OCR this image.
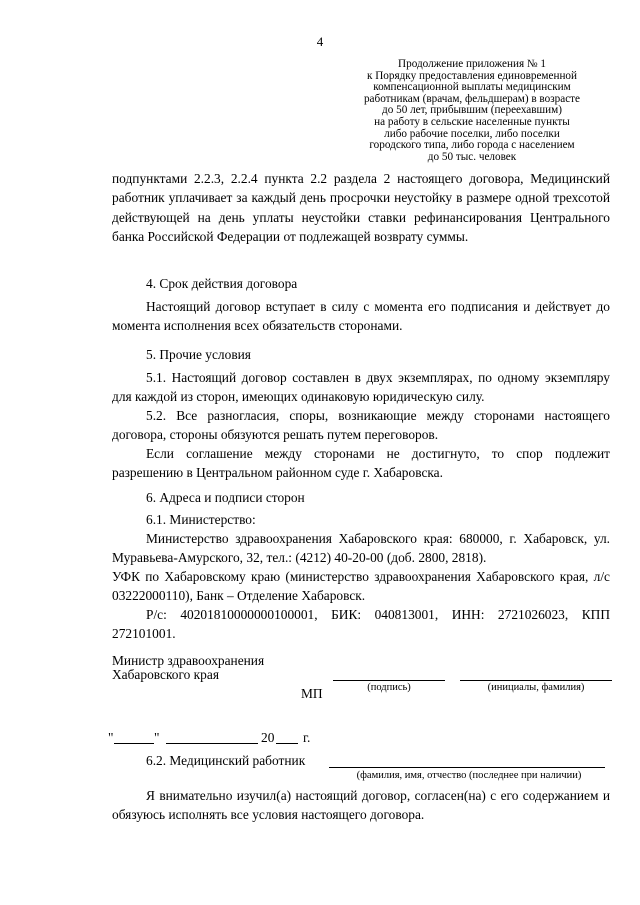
4
Продолжение приложения № 1
к Порядку предоставления единовременной
компенсационной выплаты медицинским
работникам (врачам, фельдшерам) в возрасте
до 50 лет, прибывшим (переехавшим)
на работу в сельские населенные пункты
либо рабочие поселки, либо поселки
городского типа, либо города с населением
до 50 тыс. человек
подпунктами 2.2.3, 2.2.4 пункта 2.2 раздела 2 настоящего договора, Медицинский работник уплачивает за каждый день просрочки неустойку в размере одной трехсотой действующей на день уплаты неустойки ставки рефинансирования Центрального банка Российской Федерации от подлежащей возврату суммы.
4. Срок действия договора
Настоящий договор вступает в силу с момента его подписания и действует до момента исполнения всех обязательств сторонами.
5. Прочие условия
5.1. Настоящий договор составлен в двух экземплярах, по одному экземпляру для каждой из сторон, имеющих одинаковую юридическую силу.
5.2. Все разногласия, споры, возникающие между сторонами настоящего договора, стороны обязуются решать путем переговоров.
Если соглашение между сторонами не достигнуто, то спор подлежит разрешению в Центральном районном суде г. Хабаровска.
6. Адреса и подписи сторон
6.1. Министерство:
Министерство здравоохранения Хабаровского края: 680000, г. Хабаровск, ул. Муравьева-Амурского, 32, тел.: (4212) 40-20-00 (доб. 2800, 2818).
УФК по Хабаровскому краю (министерство здравоохранения Хабаровского края, л/с 03222000110), Банк – Отделение Хабаровск.
Р/с: 40201810000000100001, БИК: 040813001, ИНН: 2721026023, КПП 272101001.
Министр здравоохранения
Хабаровского края
(подпись)	(инициалы, фамилия)
МП
"	"	20 г.
6.2. Медицинский работник
(фамилия, имя, отчество (последнее при наличии)
Я внимательно изучил(а) настоящий договор, согласен(на) с его содержанием и обязуюсь исполнять все условия настоящего договора.
